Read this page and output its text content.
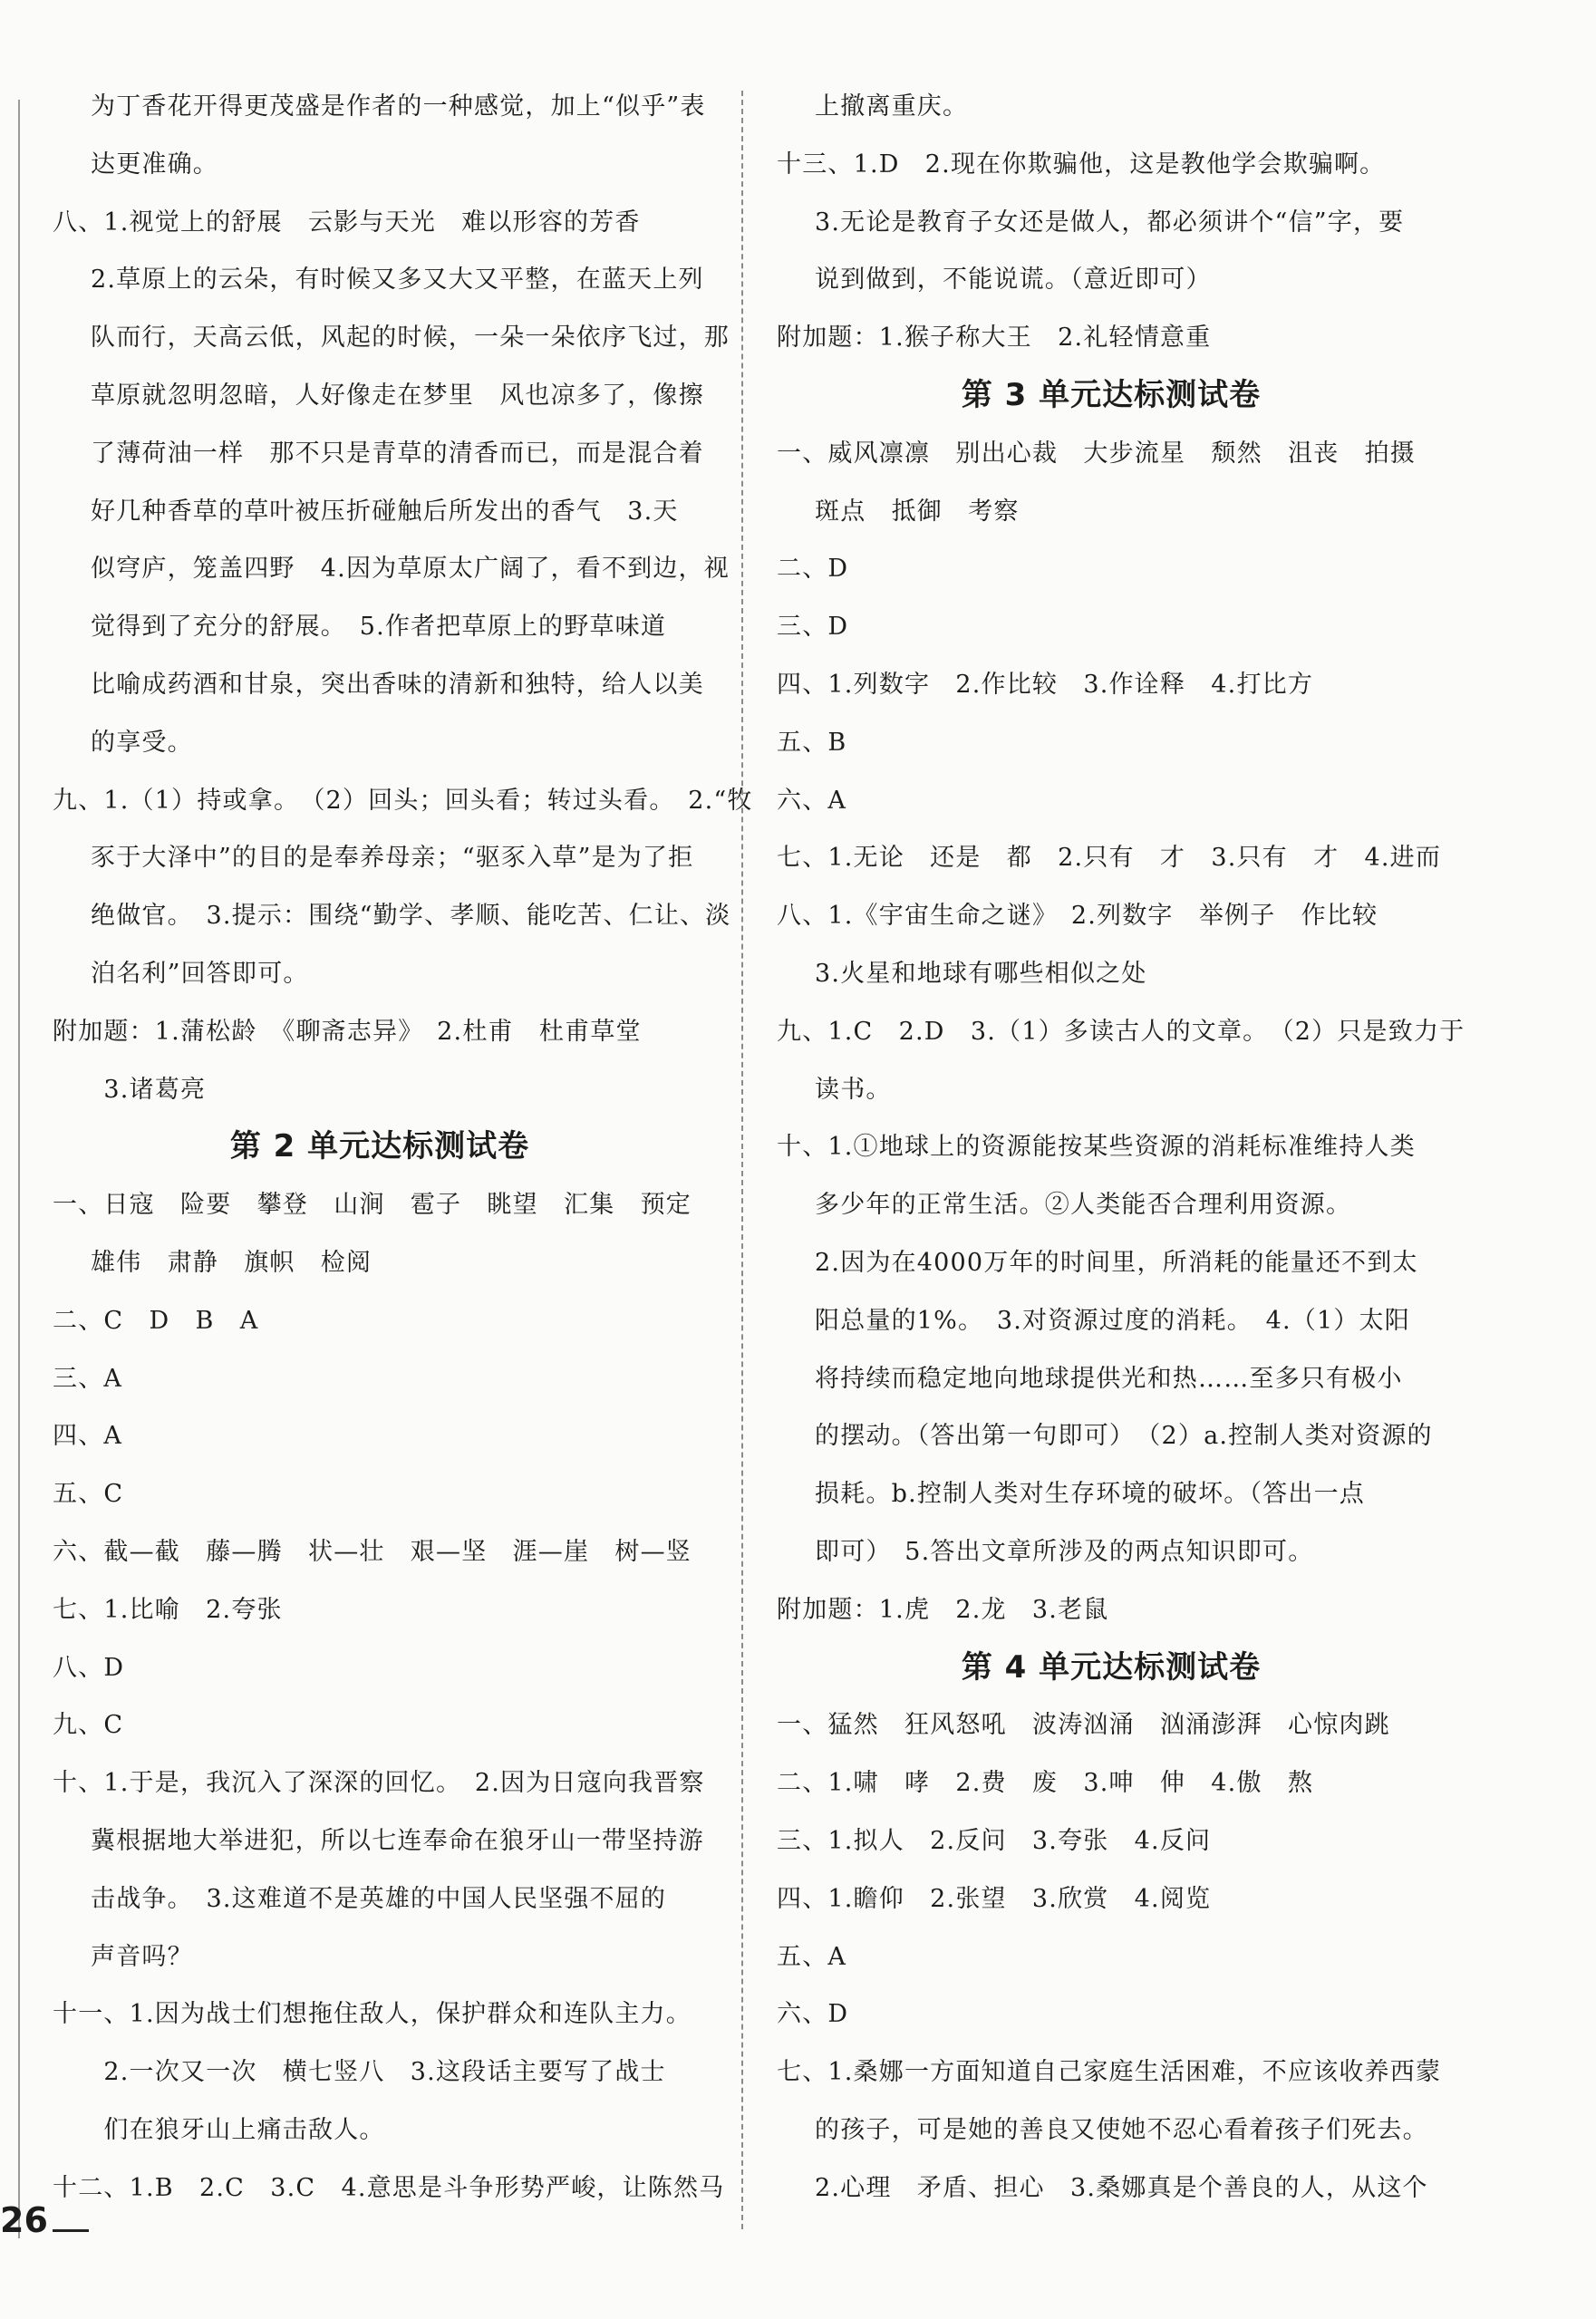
为丁香花开得更茂盛是作者的一种感觉，加上“似乎”表
达更准确。
八、1.视觉上的舒展　云影与天光　难以形容的芳香
2.草原上的云朵，有时候又多又大又平整，在蓝天上列
队而行，天高云低，风起的时候，一朵一朵依序飞过，那
草原就忽明忽暗，人好像走在梦里　风也凉多了，像擦
了薄荷油一样　那不只是青草的清香而已，而是混合着
好几种香草的草叶被压折碰触后所发出的香气　3.天
似穹庐，笼盖四野　4.因为草原太广阔了，看不到边，视
觉得到了充分的舒展。　5.作者把草原上的野草味道
比喻成药酒和甘泉，突出香味的清新和独特，给人以美
的享受。
九、1.（1）持或拿。　（2）回头；回头看；转过头看。　2.“牧
豕于大泽中”的目的是奉养母亲；“驱豕入草”是为了拒
绝做官。　3.提示：围绕“勤学、孝顺、能吃苦、仁让、淡
泊名利”回答即可。
附加题：1.蒲松龄　《聊斋志异》　2.杜甫　杜甫草堂
　　3.诸葛亮
第 2 单元达标测试卷
一、日寇　险要　攀登　山涧　雹子　眺望　汇集　预定
雄伟　肃静　旗帜　检阅
二、C　D　B　A
三、A
四、A
五、C
六、截—截　藤—腾　状—壮　艰—坚　涯—崖　树—竖
七、1.比喻　2.夸张
八、D
九、C
十、1.于是，我沉入了深深的回忆。　2.因为日寇向我晋察
冀根据地大举进犯，所以七连奉命在狼牙山一带坚持游
击战争。　3.这难道不是英雄的中国人民坚强不屈的
声音吗？
十一、1.因为战士们想拖住敌人，保护群众和连队主力。
　　2.一次又一次　横七竖八　3.这段话主要写了战士
　　们在狼牙山上痛击敌人。
十二、1.B　2.C　3.C　4.意思是斗争形势严峻，让陈然马
上撤离重庆。
十三、1.D　2.现在你欺骗他，这是教他学会欺骗啊。
3.无论是教育子女还是做人，都必须讲个“信”字，要
说到做到，不能说谎。（意近即可）
附加题：1.猴子称大王　2.礼轻情意重
第 3 单元达标测试卷
一、威风凛凛　别出心裁　大步流星　颓然　沮丧　拍摄
斑点　抵御　考察
二、D
三、D
四、1.列数字　2.作比较　3.作诠释　4.打比方
五、B
六、A
七、1.无论　还是　都　2.只有　才　3.只有　才　4.进而
八、1.《宇宙生命之谜》　2.列数字　举例子　作比较
3.火星和地球有哪些相似之处
九、1.C　2.D　3.（1）多读古人的文章。　（2）只是致力于
读书。
十、1.①地球上的资源能按某些资源的消耗标准维持人类
多少年的正常生活。②人类能否合理利用资源。
2.因为在4000万年的时间里，所消耗的能量还不到太
阳总量的1%。　3.对资源过度的消耗。　4.（1）太阳
将持续而稳定地向地球提供光和热……至多只有极小
的摆动。（答出第一句即可）　（2）a.控制人类对资源的
损耗。b.控制人类对生存环境的破坏。（答出一点
即可）　5.答出文章所涉及的两点知识即可。
附加题：1.虎　2.龙　3.老鼠
第 4 单元达标测试卷
一、猛然　狂风怒吼　波涛汹涌　汹涌澎湃　心惊肉跳
二、1.啸　哮　2.费　废　3.呻　伸　4.傲　熬
三、1.拟人　2.反问　3.夸张　4.反问
四、1.瞻仰　2.张望　3.欣赏　4.阅览
五、A
六、D
七、1.桑娜一方面知道自己家庭生活困难，不应该收养西蒙
的孩子，可是她的善良又使她不忍心看着孩子们死去。
2.心理　矛盾、担心　3.桑娜真是个善良的人，从这个
26
